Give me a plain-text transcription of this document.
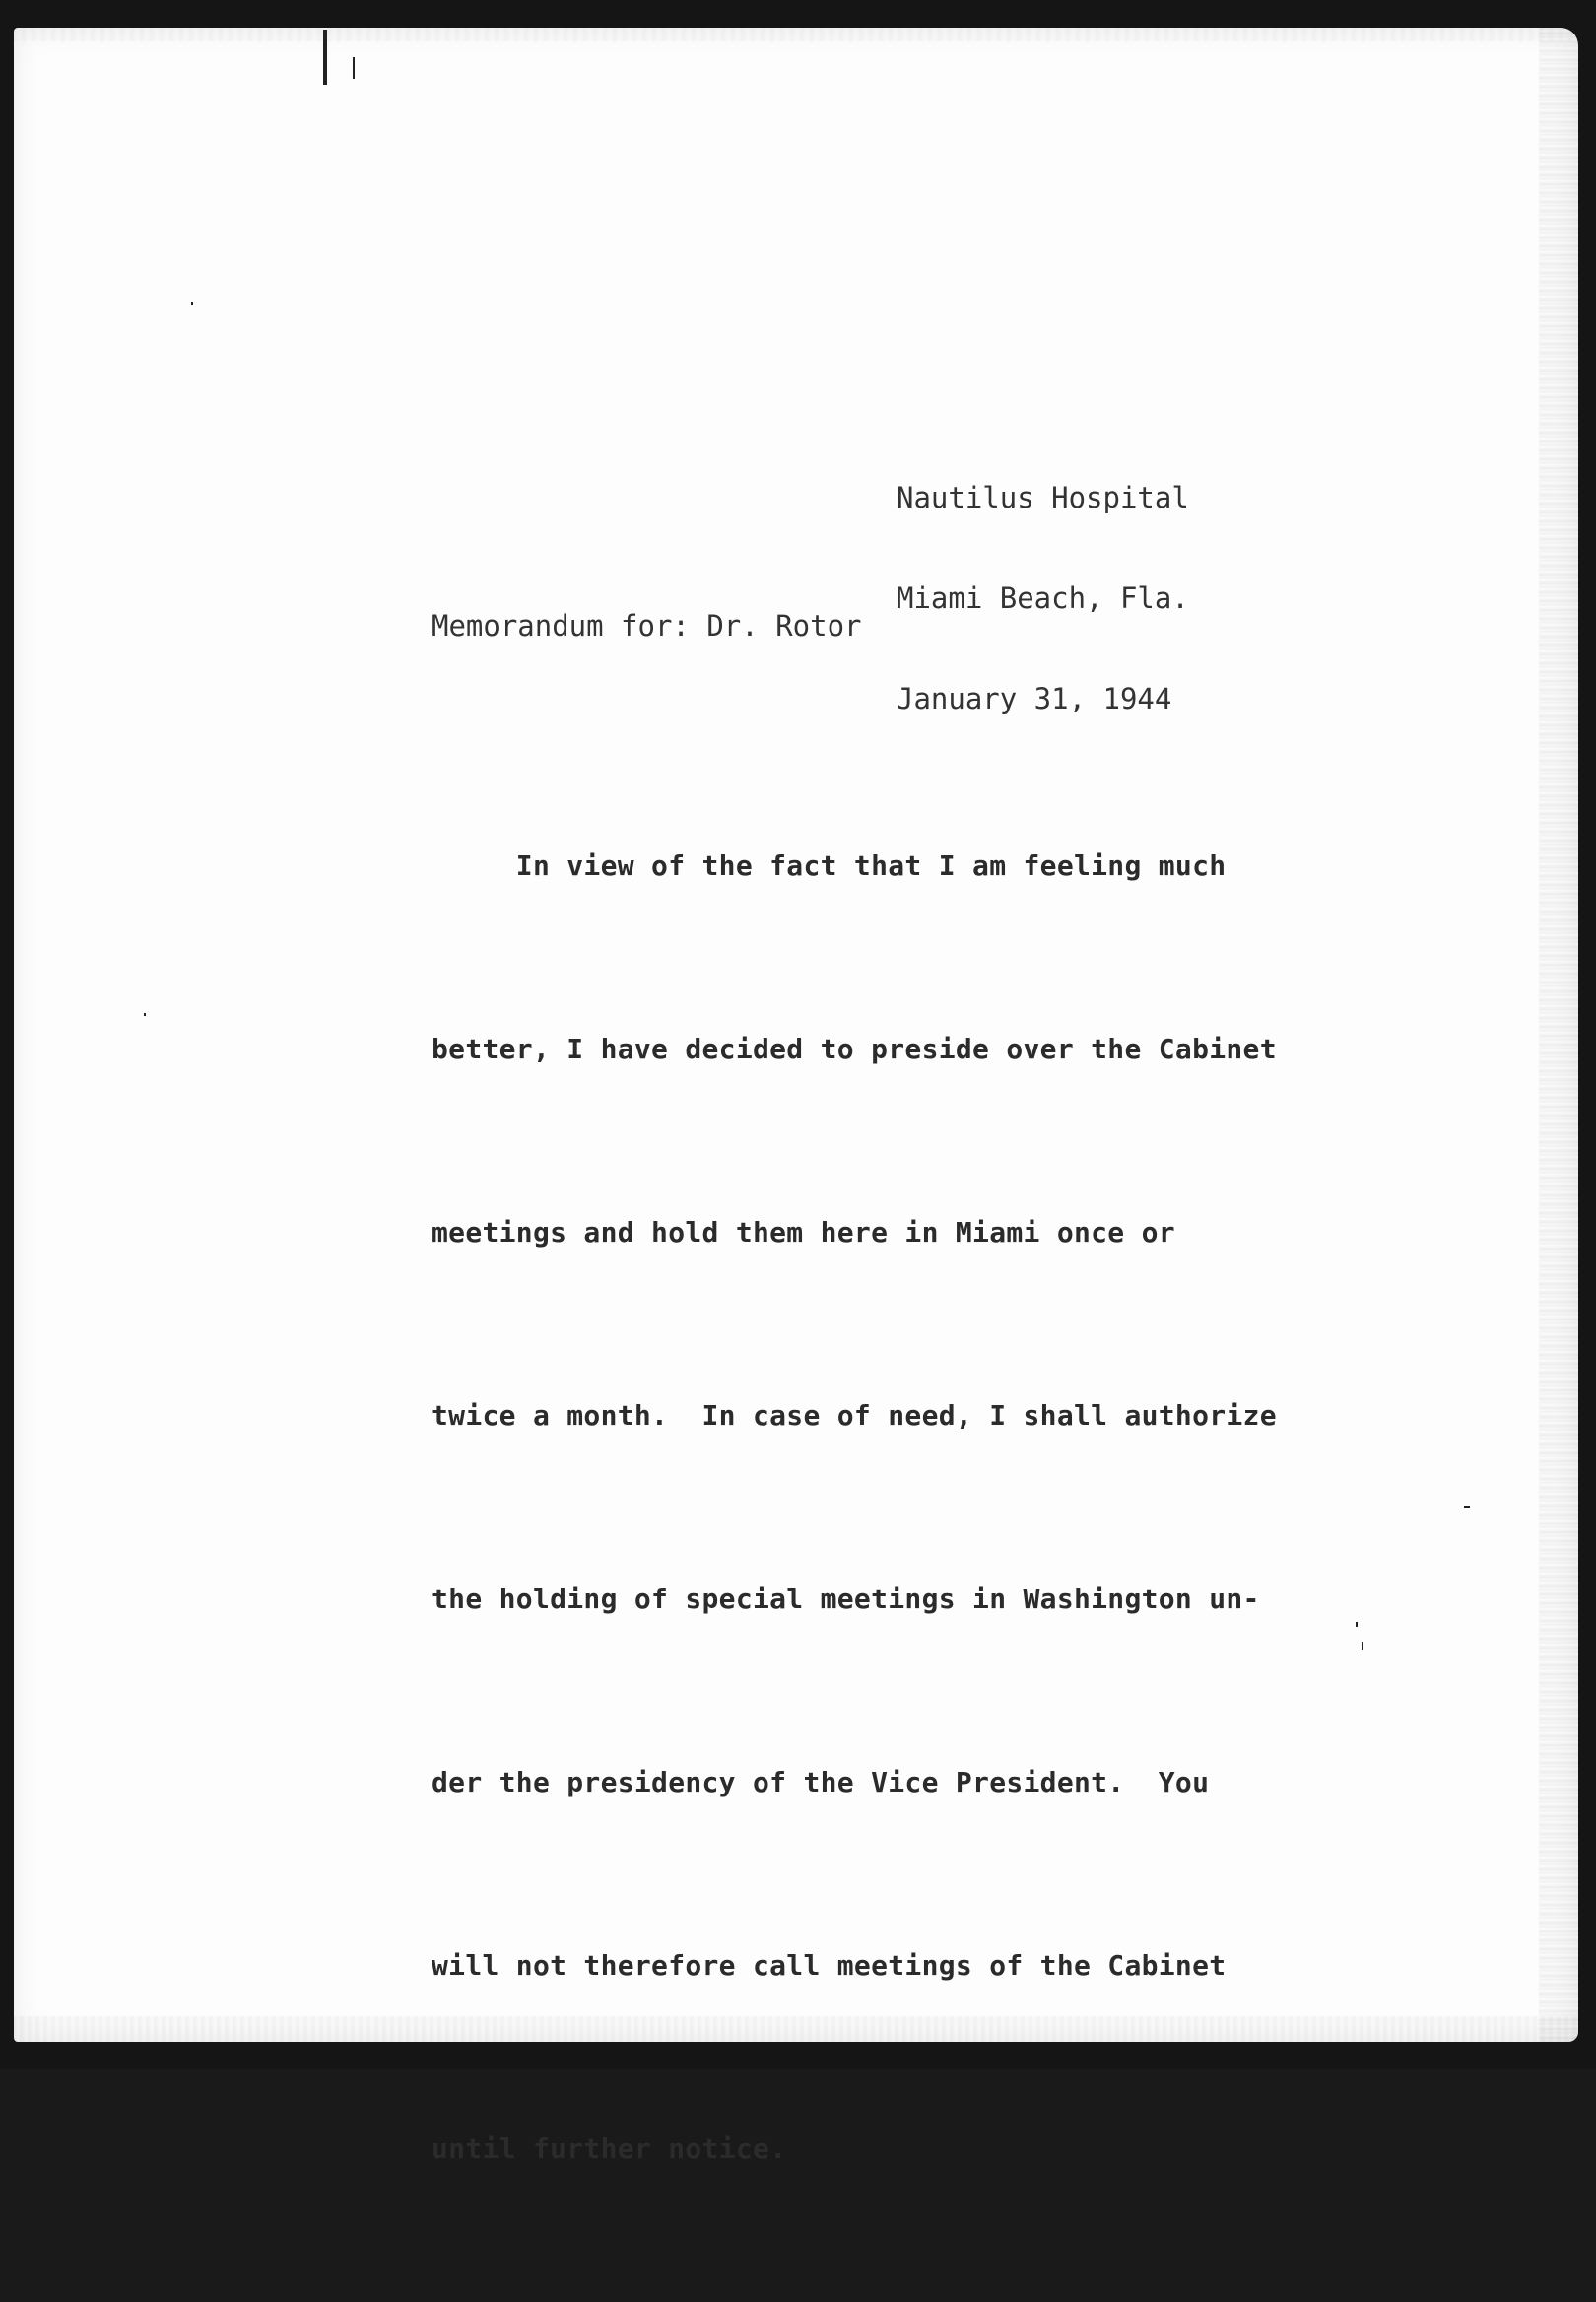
Nautilus Hospital

Miami Beach, Fla.

January 31, 1944

Memorandum for: Dr. Rotor

In view of the fact that I am feeling much

better, I have decided to preside over the Cabinet

meetings and hold them here in Miami once or

twice a month.  In case of need, I shall authorize

the holding of special meetings in Washington un-

der the presidency of the Vice President.  You

will not therefore call meetings of the Cabinet

until further notice.
